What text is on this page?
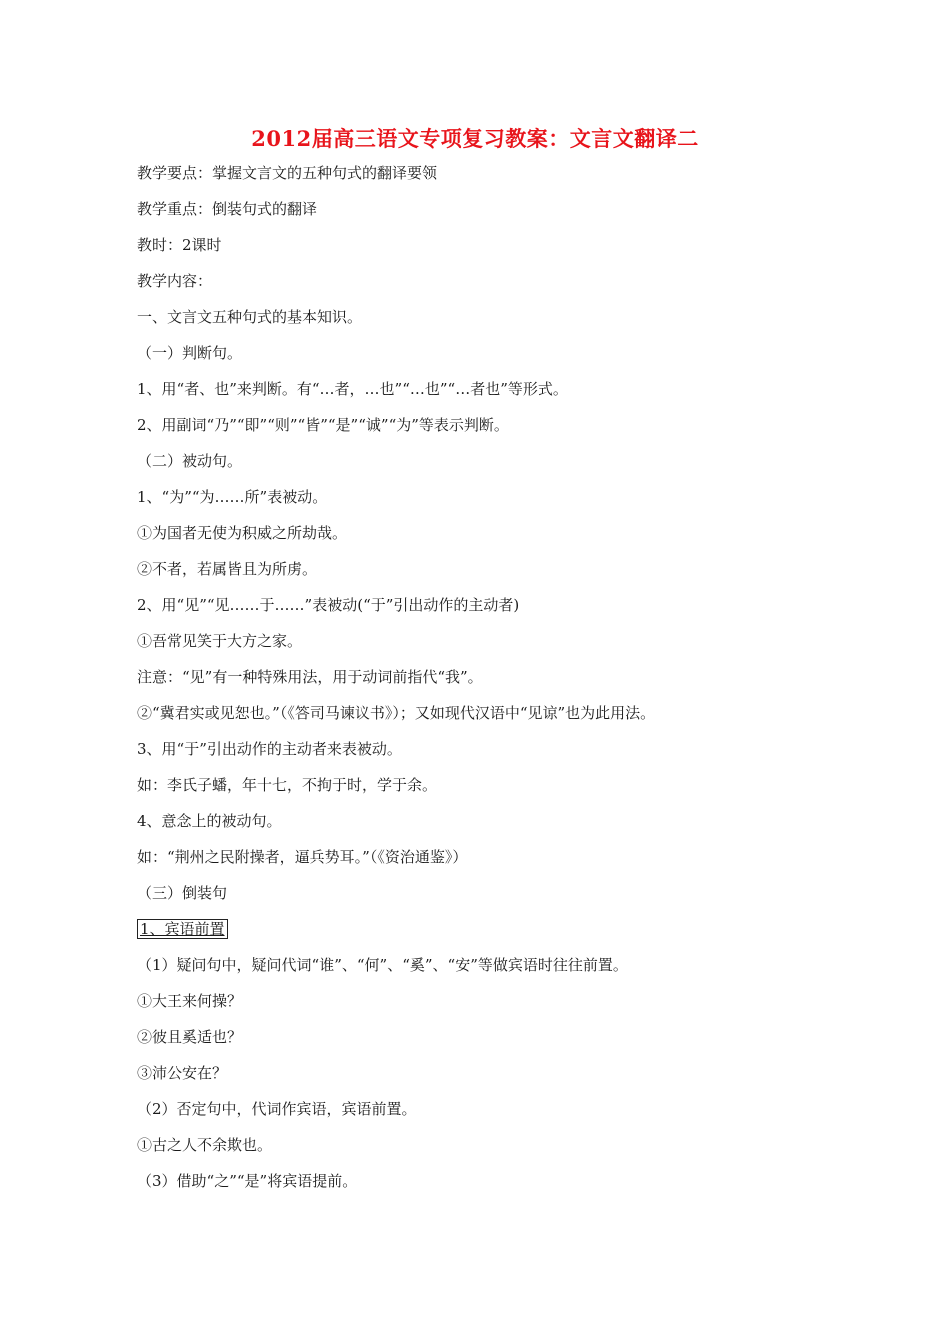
2012届高三语文专项复习教案：文言文翻译二
教学要点：掌握文言文的五种句式的翻译要领
教学重点：倒装句式的翻译
教时：2课时
教学内容：
一、文言文五种句式的基本知识。
（一）判断句。
1、用“者、也”来判断。有“…者，…也”“…也”“…者也”等形式。
2、用副词“乃”“即”“则”“皆”“是”“诚”“为”等表示判断。
（二）被动句。
1、“为”“为……所”表被动。
①为国者无使为积威之所劫哉。
②不者，若属皆且为所虏。
2、用“见”“见……于……”表被动(“于”引出动作的主动者)
①吾常见笑于大方之家。
注意：“见”有一种特殊用法，用于动词前指代“我”。
②“冀君实或见恕也。”（《答司马谏议书》）；又如现代汉语中“见谅”也为此用法。
3、用“于”引出动作的主动者来表被动。
如：李氏子蟠，年十七，不拘于时，学于余。
4、意念上的被动句。
如：“荆州之民附操者，逼兵势耳。”（《资治通鉴》）
（三）倒装句
1、宾语前置
（1）疑问句中，疑问代词“谁”、“何”、“奚”、“安”等做宾语时往往前置。
①大王来何操？
②彼且奚适也？
③沛公安在？
（2）否定句中，代词作宾语，宾语前置。
①古之人不余欺也。
（3）借助“之”“是”将宾语提前。
